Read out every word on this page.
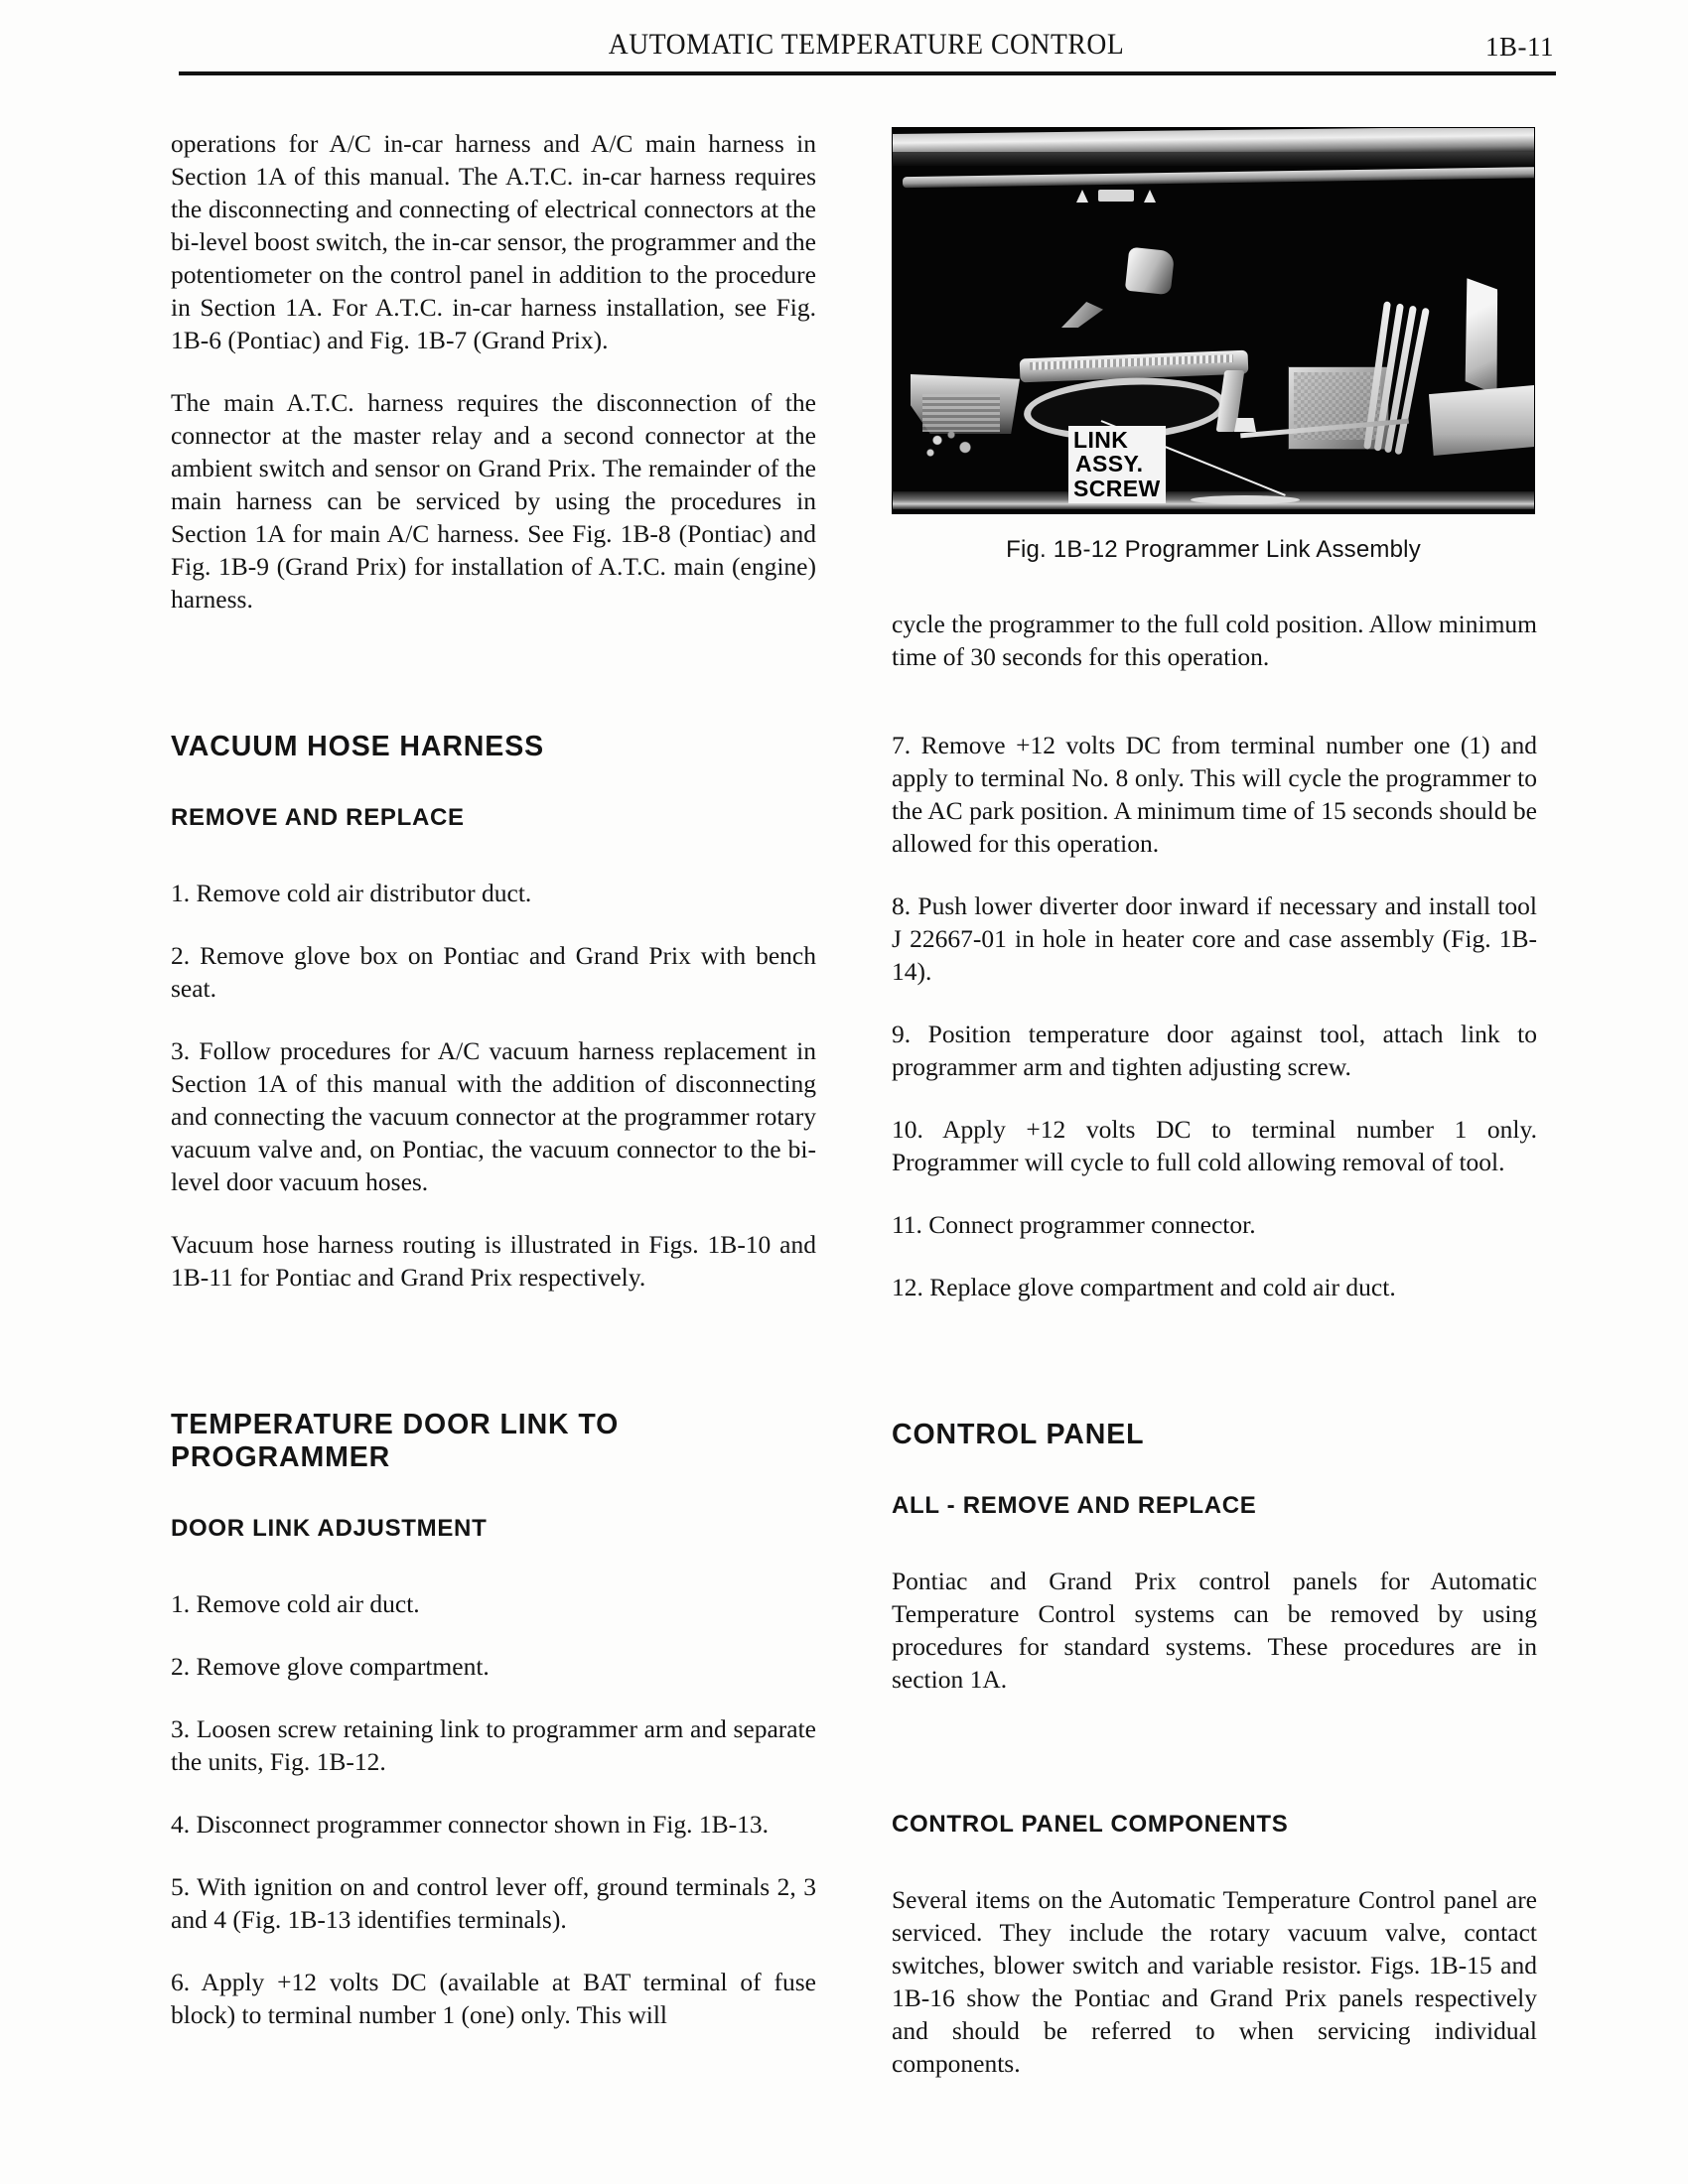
AUTOMATIC TEMPERATURE CONTROL	1B-11

operations for A/C in-car harness and A/C main harness in Section 1A of this manual. The A.T.C. in-car harness requires the disconnecting and connecting of electrical connectors at the bi-level boost switch, the in-car sensor, the programmer and the potentiometer on the control panel in addition to the procedure in Section 1A. For A.T.C. in-car harness installation, see Fig. 1B-6 (Pontiac) and Fig. 1B-7 (Grand Prix).

The main A.T.C. harness requires the disconnection of the connector at the master relay and a second connector at the ambient switch and sensor on Grand Prix. The remainder of the main harness can be serviced by using the procedures in Section 1A for main A/C harness. See Fig. 1B-8 (Pontiac) and Fig. 1B-9 (Grand Prix) for installation of A.T.C. main (engine) harness.

VACUUM HOSE HARNESS
REMOVE AND REPLACE

1. Remove cold air distributor duct.

2. Remove glove box on Pontiac and Grand Prix with bench seat.

3. Follow procedures for A/C vacuum harness replacement in Section 1A of this manual with the addition of disconnecting and connecting the vacuum connector at the programmer rotary vacuum valve and, on Pontiac, the vacuum connector to the bi-level door vacuum hoses.

Vacuum hose harness routing is illustrated in Figs. 1B-10 and 1B-11 for Pontiac and Grand Prix respectively.

TEMPERATURE DOOR LINK TO PROGRAMMER
DOOR LINK ADJUSTMENT

1. Remove cold air duct.

2. Remove glove compartment.

3. Loosen screw retaining link to programmer arm and separate the units, Fig. 1B-12.

4. Disconnect programmer connector shown in Fig. 1B-13.

5. With ignition on and control lever off, ground terminals 2, 3 and 4 (Fig. 1B-13 identifies terminals).

6. Apply +12 volts DC (available at BAT terminal of fuse block) to terminal number 1 (one) only. This will

LINK
ASSY.
SCREW
Fig. 1B-12 Programmer Link Assembly

cycle the programmer to the full cold position. Allow minimum time of 30 seconds for this operation.

7. Remove +12 volts DC from terminal number one (1) and apply to terminal No. 8 only. This will cycle the programmer to the AC park position. A minimum time of 15 seconds should be allowed for this operation.

8. Push lower diverter door inward if necessary and install tool J 22667-01 in hole in heater core and case assembly (Fig. 1B-14).

9. Position temperature door against tool, attach link to programmer arm and tighten adjusting screw.

10. Apply +12 volts DC to terminal number 1 only. Programmer will cycle to full cold allowing removal of tool.

11. Connect programmer connector.

12. Replace glove compartment and cold air duct.

CONTROL PANEL
ALL - REMOVE AND REPLACE

Pontiac and Grand Prix control panels for Automatic Temperature Control systems can be removed by using procedures for standard systems. These procedures are in section 1A.

CONTROL PANEL COMPONENTS

Several items on the Automatic Temperature Control panel are serviced. They include the rotary vacuum valve, contact switches, blower switch and variable resistor. Figs. 1B-15 and 1B-16 show the Pontiac and Grand Prix panels respectively and should be referred to when servicing individual components.
